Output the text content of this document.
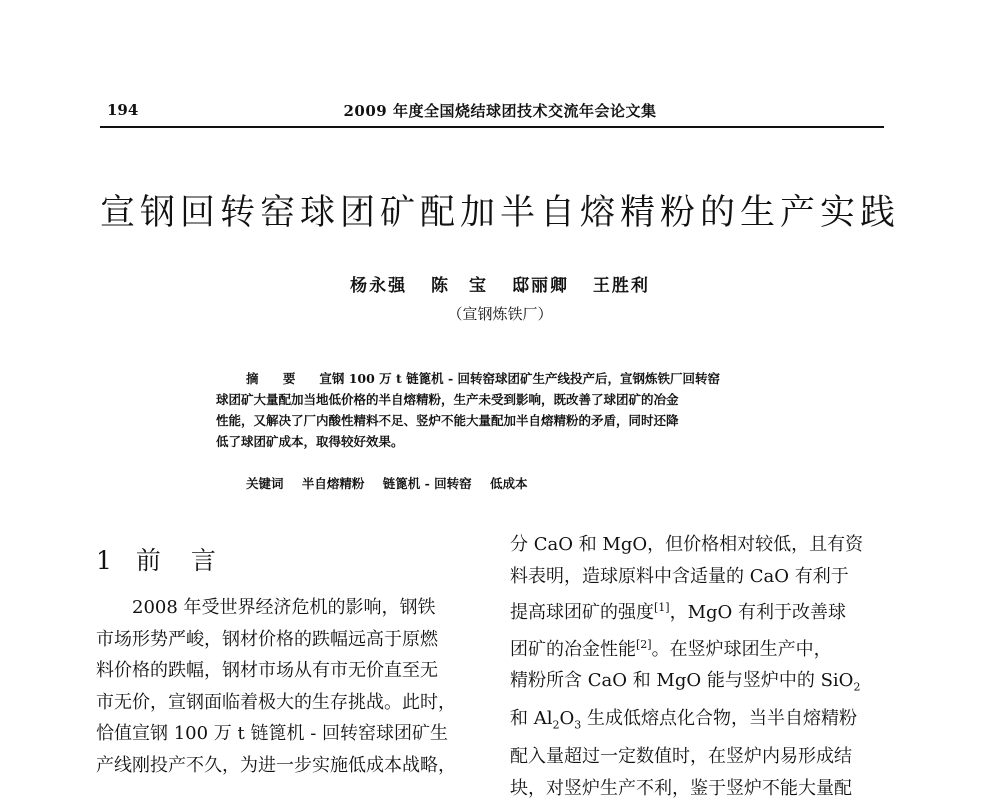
194	2009 年度全国烧结球团技术交流年会论文集
宣钢回转窑球团矿配加半自熔精粉的生产实践
杨永强 陈　宝 邸丽卿 王胜利
（宣钢炼铁厂）
摘 要 宣钢 100 万 t 链篦机 - 回转窑球团矿生产线投产后，宣钢炼铁厂回转窑
球团矿大量配加当地低价格的半自熔精粉，生产未受到影响，既改善了球团矿的冶金
性能，又解决了厂内酸性精料不足、竖炉不能大量配加半自熔精粉的矛盾，同时还降
低了球团矿成本，取得较好效果。
关键词 半自熔精粉 链篦机 - 回转窑 低成本
1 前言
2008 年受世界经济危机的影响，钢铁
市场形势严峻，钢材价格的跌幅远高于原燃
料价格的跌幅，钢材市场从有市无价直至无
市无价，宣钢面临着极大的生存挑战。此时，
恰值宣钢 100 万 t 链篦机 - 回转窑球团矿生
产线刚投产不久，为进一步实施低成本战略，
分 CaO 和 MgO，但价格相对较低，且有资
料表明，造球原料中含适量的 CaO 有利于
提高球团矿的强度[1]，MgO 有利于改善球
团矿的冶金性能[2]。在竖炉球团生产中，
精粉所含 CaO 和 MgO 能与竖炉中的 SiO$_2$
和 $Al_2O_3$ 生成低熔点化合物，当半自熔精粉
配入量超过一定数值时，在竖炉内易形成结
块，对竖炉生产不利，鉴于竖炉不能大量配
